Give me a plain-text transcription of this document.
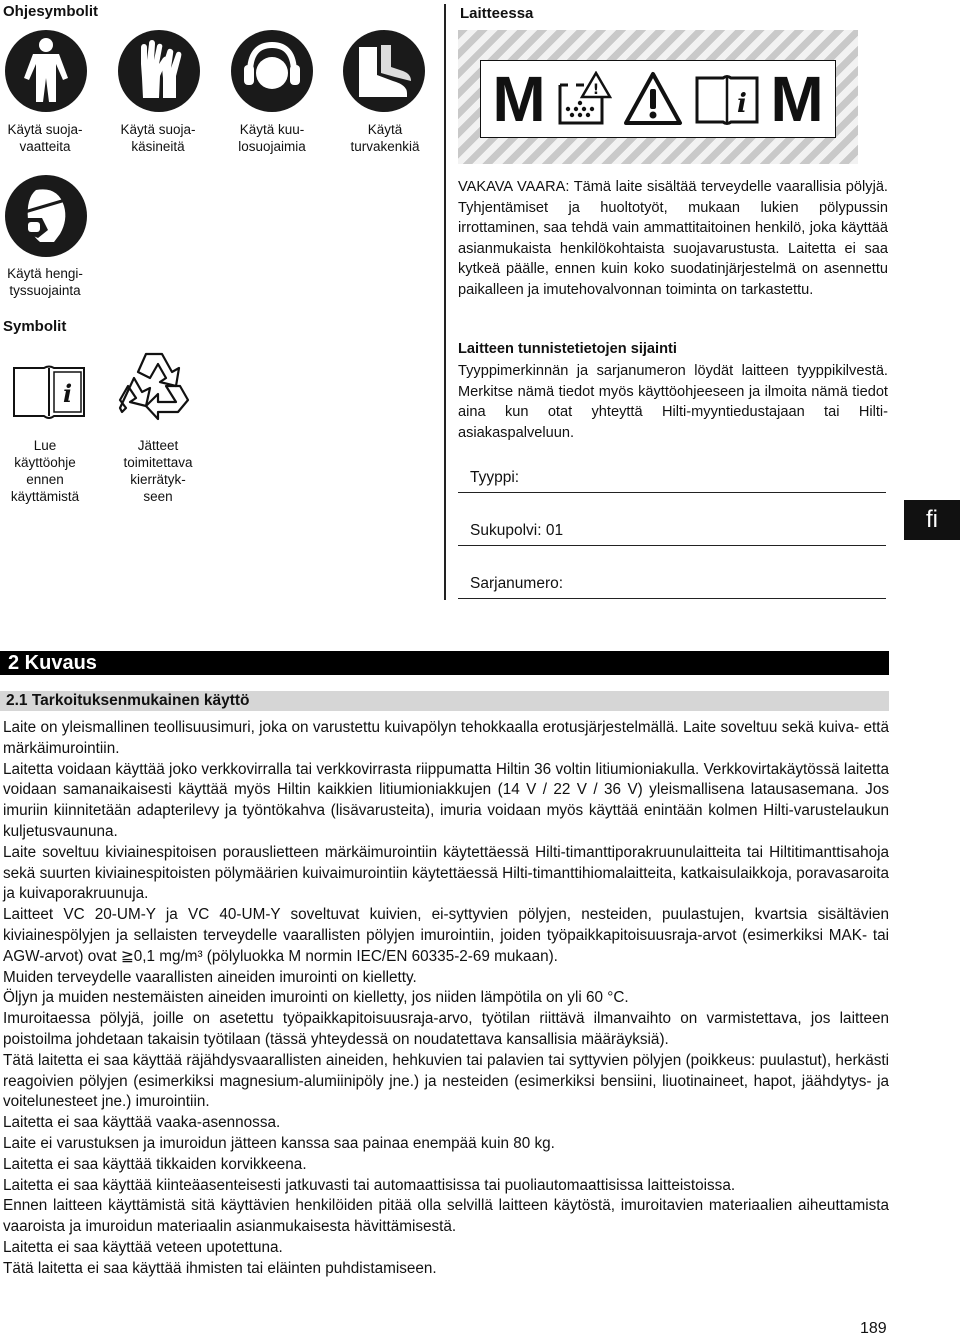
Ohjesymbolit
Käytä suoja-
vaatteita
Käytä suoja-
käsineitä
Käytä kuu-
losuojaimia
Käytä
turvakenkiä
Käytä hengi-
tyssuojainta
Symbolit
i
Lue
käyttöohje
ennen
käyttämistä
Jätteet
toimitettava
kierrätyk-
seen
Laitteessa
M	!	i M
VAKAVA VAARA: Tämä laite sisältää terveydelle vaarallisia pölyjä. Tyhjentämiset ja huoltotyöt, mukaan lukien pölypussin irrottaminen, saa tehdä vain ammattitaitoinen henkilö, joka käyttää asianmukaista henkilökohtaista suojavarustusta. Laitetta ei saa kytkeä päälle, ennen kuin koko suodatinjärjestelmä on asennettu paikalleen ja imutehovalvonnan toiminta on tarkastettu.
Laitteen tunnistetietojen sijainti
Tyyppimerkinnän ja sarjanumeron löydät laitteen tyyppikilvestä. Merkitse nämä tiedot myös käyttöohjeeseen ja ilmoita nämä tiedot aina kun otat yhteyttä Hilti-myyntiedustajaan tai Hilti-asiakaspalveluun.
Tyyppi:
Sukupolvi: 01
Sarjanumero:
fi
2 Kuvaus
2.1 Tarkoituksenmukainen käyttö

Laite on yleismallinen teollisuusimuri, joka on varustettu kuivapölyn tehokkaalla erotusjärjestelmällä. Laite soveltuu sekä kuiva- että märkäimurointiin.

Laitetta voidaan käyttää joko verkkovirralla tai verkkovirrasta riippumatta Hiltin 36 voltin litiumioniakulla. Verkkovirtakäytössä laitetta voidaan samanaikaisesti käyttää myös Hiltin kaikkien litiumioniakkujen (14 V / 22 V / 36 V) yleismallisena latausasemana. Jos imuriin kiinnitetään adapterilevy ja työntökahva (lisävarusteita), imuria voidaan myös käyttää enintään kolmen Hilti-varustelaukun kuljetusvaununa.

Laite soveltuu kiviainespitoisen porauslietteen märkäimurointiin käytettäessä Hilti-timanttiporakruunulaitteita tai Hiltitimanttisahoja sekä suurten kiviainespitoisten pölymäärien kuivaimurointiin käytettäessä Hilti-timanttihiomalaitteita, katkaisulaikkoja, poravasaroita ja kuivaporakruunuja.

Laitteet VC 20-UM-Y ja VC 40-UM-Y soveltuvat kuivien, ei-syttyvien pölyjen, nesteiden, puulastujen, kvartsia sisältävien kiviainespölyjen ja sellaisten terveydelle vaarallisten pölyjen imurointiin, joiden työpaikkapitoisuusraja-arvot (esimerkiksi MAK- tai AGW-arvot) ovat ≧0,1 mg/m³ (pölyluokka M normin IEC/EN 60335-2-69 mukaan).

Muiden terveydelle vaarallisten aineiden imurointi on kielletty.

Öljyn ja muiden nestemäisten aineiden imurointi on kielletty, jos niiden lämpötila on yli 60 °C.

Imuroitaessa pölyjä, joille on asetettu työpaikkapitoisuusraja-arvo, työtilan riittävä ilmanvaihto on varmistettava, jos laitteen poistoilma johdetaan takaisin työtilaan (tässä yhteydessä on noudatettava kansallisia määräyksiä).

Tätä laitetta ei saa käyttää räjähdysvaarallisten aineiden, hehkuvien tai palavien tai syttyvien pölyjen (poikkeus: puulastut), herkästi reagoivien pölyjen (esimerkiksi magnesium-alumiinipöly jne.) ja nesteiden (esimerkiksi bensiini, liuotinaineet, hapot, jäähdytys- ja voitelunesteet jne.) imurointiin.

Laitetta ei saa käyttää vaaka-asennossa.

Laite ei varustuksen ja imuroidun jätteen kanssa saa painaa enempää kuin 80 kg.

Laitetta ei saa käyttää tikkaiden korvikkeena.

Laitetta ei saa käyttää kiinteäasenteisesti jatkuvasti tai automaattisissa tai puoliautomaattisissa laitteistoissa.

Ennen laitteen käyttämistä sitä käyttävien henkilöiden pitää olla selvillä laitteen käytöstä, imuroitavien materiaalien aiheuttamista vaaroista ja imuroidun materiaalin asianmukaisesta hävittämisestä.

Laitetta ei saa käyttää veteen upotettuna.

Tätä laitetta ei saa käyttää ihmisten tai eläinten puhdistamiseen.

189
